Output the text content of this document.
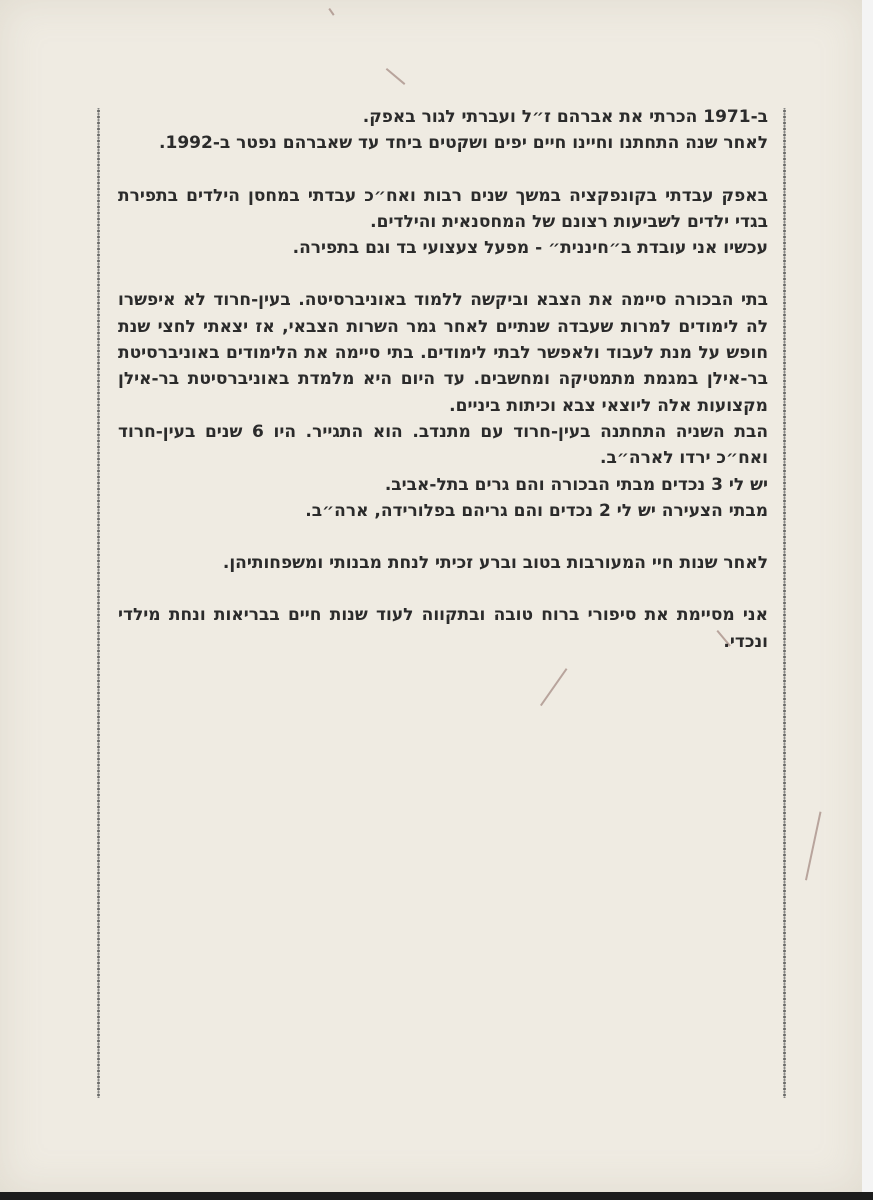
ב-1971 הכרתי את אברהם ז״ל ועברתי לגור באפק.
לאחר שנה התחתנו וחיינו חיים יפים ושקטים ביחד עד שאברהם נפטר ב-1992.

באפק עבדתי בקונפקציה במשך שנים רבות ואח״כ עבדתי במחסן הילדים בתפירת בגדי ילדים לשביעות רצונם של המחסנאית והילדים.
עכשיו אני עובדת ב״חיננית״ - מפעל צעצועי בד וגם בתפירה.

בתי הבכורה סיימה את הצבא וביקשה ללמוד באוניברסיטה. בעין-חרוד לא איפשרו לה לימודים למרות שעבדה שנתיים לאחר גמר השרות הצבאי, אז יצאתי לחצי שנת חופש על מנת לעבוד ולאפשר לבתי לימודים. בתי סיימה את הלימודים באוניברסיטת בר-אילן במגמת מתמטיקה ומחשבים. עד היום היא מלמדת באוניברסיטת בר-אילן מקצועות אלה ליוצאי צבא וכיתות ביניים.
הבת השניה התחתנה בעין-חרוד עם מתנדב. הוא התגייר. היו 6 שנים בעין-חרוד ואח״כ ירדו לארה״ב.
יש לי 3 נכדים מבתי הבכורה והם גרים בתל-אביב.
מבתי הצעירה יש לי 2 נכדים והם גריהם בפלורידה, ארה״ב.

לאחר שנות חיי המעורבות בטוב וברע זכיתי לנחת מבנותי ומשפחותיהן.

אני מסיימת את סיפורי ברוח טובה ובתקווה לעוד שנות חיים בבריאות ונחת מילדי ונכדי.
